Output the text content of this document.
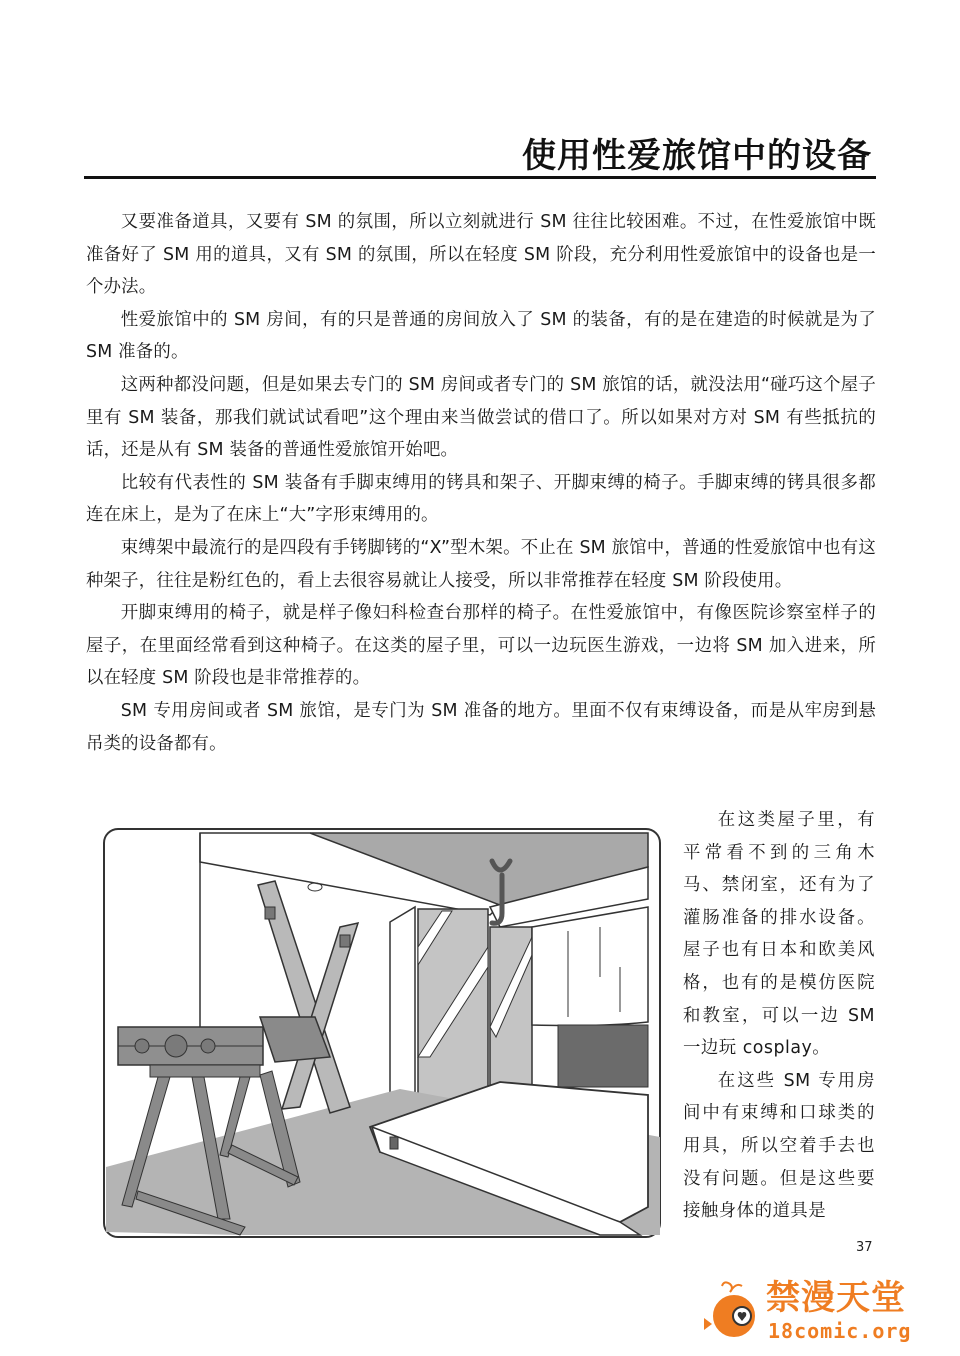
使用性爱旅馆中的设备

又要准备道具，又要有 SM 的氛围，所以立刻就进行 SM 往往比较困难。不过，在性爱旅馆中既准备好了 SM 用的道具，又有 SM 的氛围，所以在轻度 SM 阶段，充分利用性爱旅馆中的设备也是一个办法。

性爱旅馆中的 SM 房间，有的只是普通的房间放入了 SM 的装备，有的是在建造的时候就是为了 SM 准备的。

这两种都没问题，但是如果去专门的 SM 房间或者专门的 SM 旅馆的话，就没法用“碰巧这个屋子里有 SM 装备，那我们就试试看吧”这个理由来当做尝试的借口了。所以如果对方对 SM 有些抵抗的话，还是从有 SM 装备的普通性爱旅馆开始吧。

比较有代表性的 SM 装备有手脚束缚用的铐具和架子、开脚束缚的椅子。手脚束缚的铐具很多都连在床上，是为了在床上“大”字形束缚用的。

束缚架中最流行的是四段有手铐脚铐的“X”型木架。不止在 SM 旅馆中，普通的性爱旅馆中也有这种架子，往往是粉红色的，看上去很容易就让人接受，所以非常推荐在轻度 SM 阶段使用。

开脚束缚用的椅子，就是样子像妇科检查台那样的椅子。在性爱旅馆中，有像医院诊察室样子的屋子，在里面经常看到这种椅子。在这类的屋子里，可以一边玩医生游戏，一边将 SM 加入进来，所以在轻度 SM 阶段也是非常推荐的。

SM 专用房间或者 SM 旅馆，是专门为 SM 准备的地方。里面不仅有束缚设备，而是从牢房到悬吊类的设备都有。

在这类屋子里，有平常看不到的三角木马、禁闭室，还有为了灌肠准备的排水设备。屋子也有日本和欧美风格，也有的是模仿医院和教室，可以一边 SM 一边玩 cosplay。

在这些 SM 专用房间中有束缚和口球类的用具，所以空着手去也没有问题。但是这些要接触身体的道具是

37
禁漫天堂
18comic.org
